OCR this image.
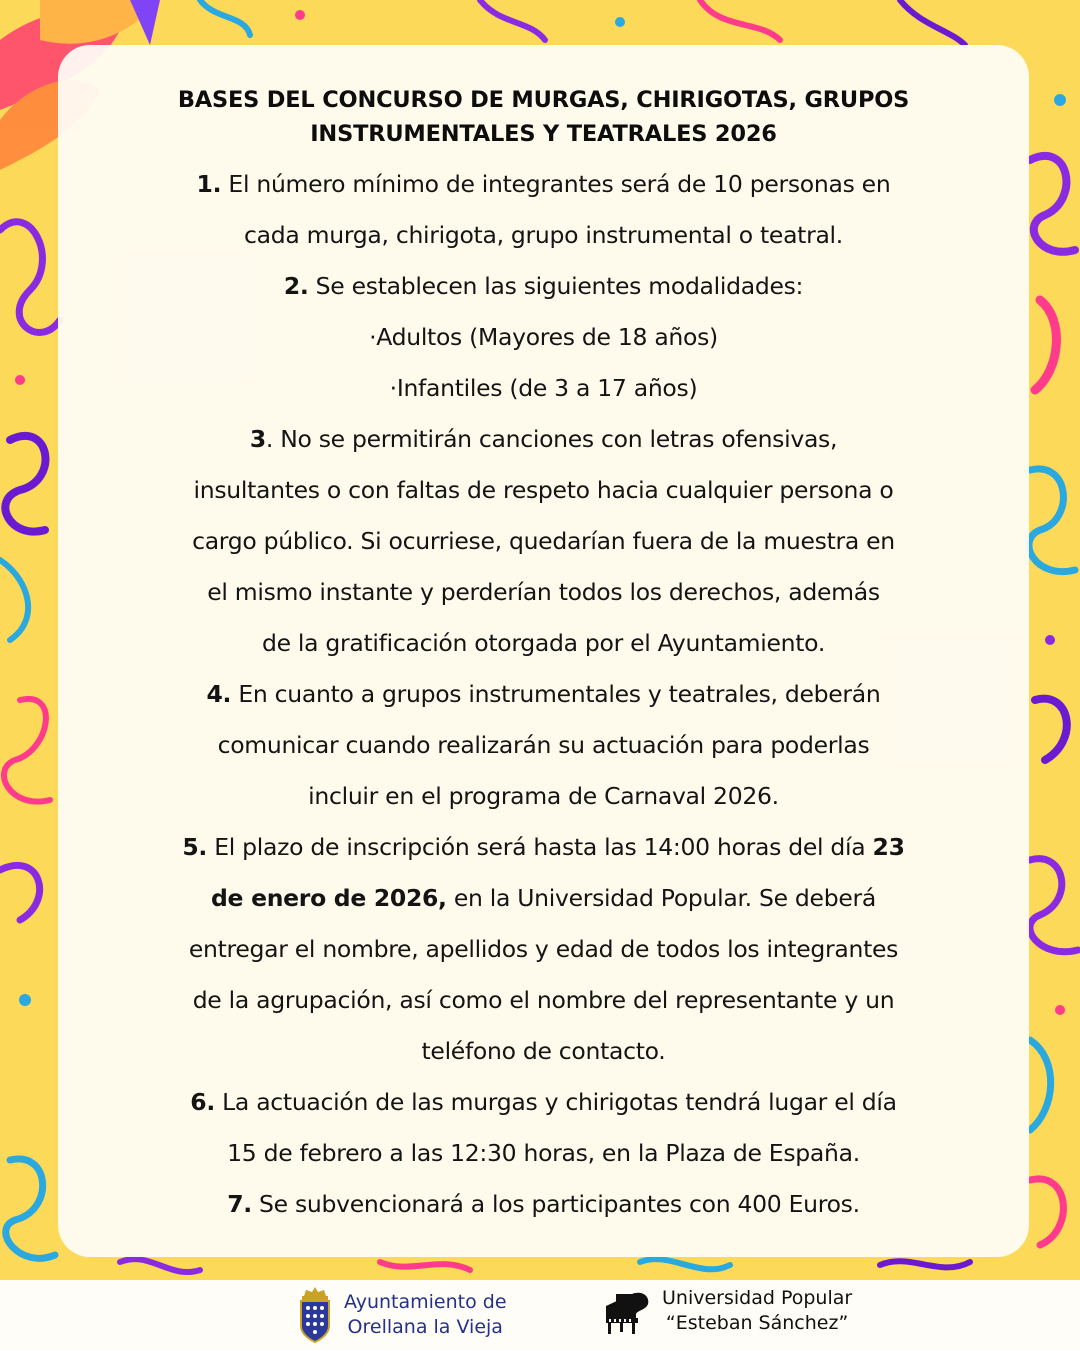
BASES DEL CONCURSO DE MURGAS, CHIRIGOTAS, GRUPOS
INSTRUMENTALES Y TEATRALES 2026

1. El número mínimo de integrantes será de 10 personas en
cada murga, chirigota, grupo instrumental o teatral.
2. Se establecen las siguientes modalidades:
·Adultos (Mayores de 18 años)
·Infantiles (de 3 a 17 años)
3. No se permitirán canciones con letras ofensivas,
insultantes o con faltas de respeto hacia cualquier persona o
cargo público. Si ocurriese, quedarían fuera de la muestra en
el mismo instante y perderían todos los derechos, además
de la gratificación otorgada por el Ayuntamiento.
4. En cuanto a grupos instrumentales y teatrales, deberán
comunicar cuando realizarán su actuación para poderlas
incluir en el programa de Carnaval 2026.
5. El plazo de inscripción será hasta las 14:00 horas del día 23
de enero de 2026, en la Universidad Popular. Se deberá
entregar el nombre, apellidos y edad de todos los integrantes
de la agrupación, así como el nombre del representante y un
teléfono de contacto.
6. La actuación de las murgas y chirigotas tendrá lugar el día
15 de febrero a las 12:30 horas, en la Plaza de España.
7. Se subvencionará a los participantes con 400 Euros.
Ayuntamiento de
Orellana la Vieja
Universidad Popular
“Esteban Sánchez”
